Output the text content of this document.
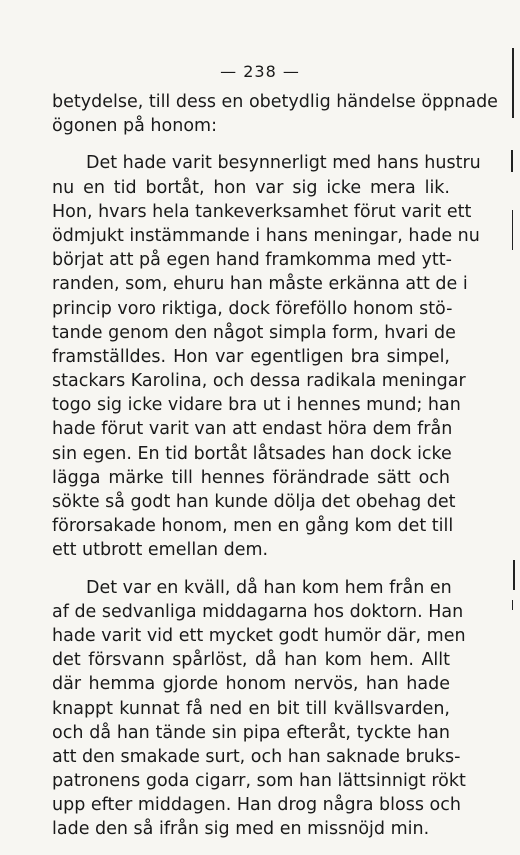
— 238 —
betydelse, till dess en obetydlig händelse öppnade
ögonen på honom:
Det hade varit besynnerligt med hans hustru
nu en tid bortåt, hon var sig icke mera lik.
Hon, hvars hela tankeverksamhet förut varit ett
ödmjukt instämmande i hans meningar, hade nu
börjat att på egen hand framkomma med ytt-
randen, som, ehuru han måste erkänna att de i
princip voro riktiga, dock föreföllo honom stö-
tande genom den något simpla form, hvari de
framställdes. Hon var egentligen bra simpel,
stackars Karolina, och dessa radikala meningar
togo sig icke vidare bra ut i hennes mund; han
hade förut varit van att endast höra dem från
sin egen. En tid bortåt låtsades han dock icke
lägga märke till hennes förändrade sätt och
sökte så godt han kunde dölja det obehag det
förorsakade honom, men en gång kom det till
ett utbrott emellan dem.
Det var en kväll, då han kom hem från en
af de sedvanliga middagarna hos doktorn. Han
hade varit vid ett mycket godt humör där, men
det försvann spårlöst, då han kom hem. Allt
där hemma gjorde honom nervös, han hade
knappt kunnat få ned en bit till kvällsvarden,
och då han tände sin pipa efteråt, tyckte han
att den smakade surt, och han saknade bruks-
patronens goda cigarr, som han lättsinnigt rökt
upp efter middagen. Han drog några bloss och
lade den så ifrån sig med en missnöjd min.
